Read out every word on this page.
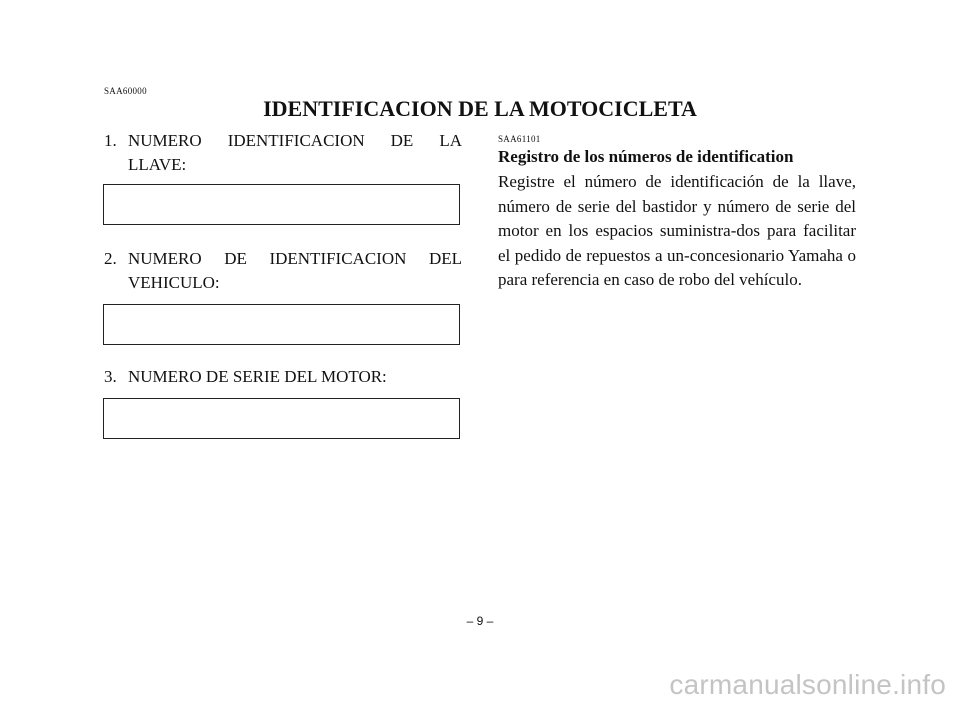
SAA60000
IDENTIFICACION DE LA MOTOCICLETA
1. NUMERO IDENTIFICACION DE LA
LLAVE:
2. NUMERO DE IDENTIFICACION DEL
VEHICULO:
3. NUMERO DE SERIE DEL MOTOR:
SAA61101
Registro de los números de identification
Registre el número de identificación de la llave, número de serie del bastidor y número de serie del motor en los espacios suministra-dos para facilitar el pedido de repuestos a un-concesionario Yamaha o para referencia en caso de robo del vehículo.
– 9 –
carmanualsonline.info
